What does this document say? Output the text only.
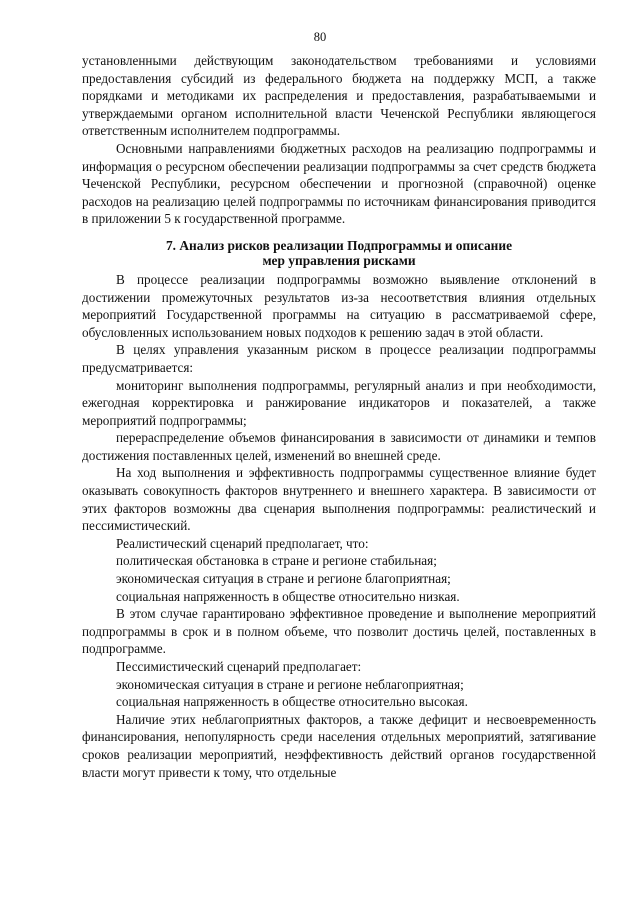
80

установленными действующим законодательством требованиями и условиями предоставления субсидий из федерального бюджета на поддержку МСП, а также порядками и методиками их распределения и предоставления, разрабатываемыми и утверждаемыми органом исполнительной власти Чеченской Республики являющегося ответственным исполнителем подпрограммы.

Основными направлениями бюджетных расходов на реализацию подпрограммы и информация о ресурсном обеспечении реализации подпрограммы за счет средств бюджета Чеченской Республики, ресурсном обеспечении и прогнозной (справочной) оценке расходов на реализацию целей подпрограммы по источникам финансирования приводится в приложении 5 к государственной программе.

7. Анализ рисков реализации Подпрограммы и описание
мер управления рисками

В процессе реализации подпрограммы возможно выявление отклонений в достижении промежуточных результатов из-за несоответствия влияния отдельных мероприятий Государственной программы на ситуацию в рассматриваемой сфере, обусловленных использованием новых подходов к решению задач в этой области.

В целях управления указанным риском в процессе реализации подпрограммы предусматривается:

мониторинг выполнения подпрограммы, регулярный анализ и при необходимости, ежегодная корректировка и ранжирование индикаторов и показателей, а также мероприятий подпрограммы;

перераспределение объемов финансирования в зависимости от динамики и темпов достижения поставленных целей, изменений во внешней среде.

На ход выполнения и эффективность подпрограммы существенное влияние будет оказывать совокупность факторов внутреннего и внешнего характера. В зависимости от этих факторов возможны два сценария выполнения подпрограммы: реалистический и пессимистический.

Реалистический сценарий предполагает, что:

политическая обстановка в стране и регионе стабильная;

экономическая ситуация в стране и регионе благоприятная;

социальная напряженность в обществе относительно низкая.

В этом случае гарантировано эффективное проведение и выполнение мероприятий подпрограммы в срок и в полном объеме, что позволит достичь целей, поставленных в подпрограмме.

Пессимистический сценарий предполагает:

экономическая ситуация в стране и регионе неблагоприятная;

социальная напряженность в обществе относительно высокая.

Наличие этих неблагоприятных факторов, а также дефицит и несвоевременность финансирования, непопулярность среди населения отдельных мероприятий, затягивание сроков реализации мероприятий, неэффективность действий органов государственной власти могут привести к тому, что отдельные
